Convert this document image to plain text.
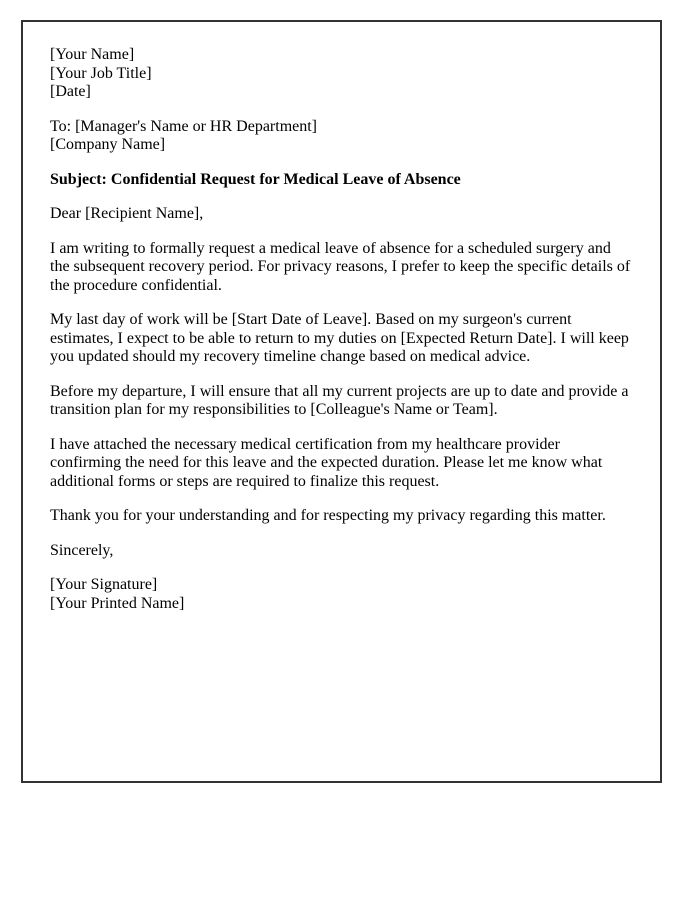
[Your Name]
[Your Job Title]
[Date]
To: [Manager's Name or HR Department]
[Company Name]

Subject: Confidential Request for Medical Leave of Absence

Dear [Recipient Name],

I am writing to formally request a medical leave of absence for a scheduled surgery and the subsequent recovery period. For privacy reasons, I prefer to keep the specific details of the procedure confidential.

My last day of work will be [Start Date of Leave]. Based on my surgeon's current estimates, I expect to be able to return to my duties on [Expected Return Date]. I will keep you updated should my recovery timeline change based on medical advice.

Before my departure, I will ensure that all my current projects are up to date and provide a transition plan for my responsibilities to [Colleague's Name or Team].

I have attached the necessary medical certification from my healthcare provider confirming the need for this leave and the expected duration. Please let me know what additional forms or steps are required to finalize this request.

Thank you for your understanding and for respecting my privacy regarding this matter.

Sincerely,

[Your Signature]
[Your Printed Name]
